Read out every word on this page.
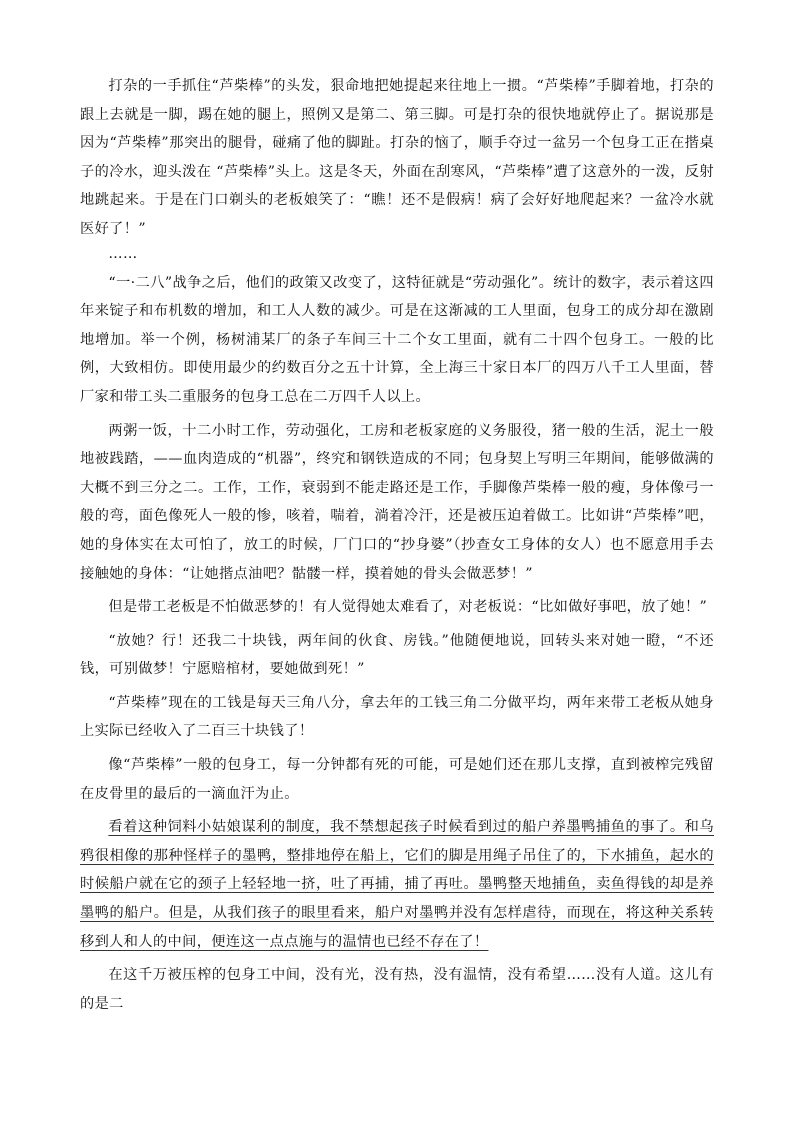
打杂的一手抓住“芦柴棒”的头发，狠命地把她提起来往地上一掼。“芦柴棒”手脚着地，打杂的跟上去就是一脚，踢在她的腿上，照例又是第二、第三脚。可是打杂的很快地就停止了。据说那是因为“芦柴棒”那突出的腿骨，碰痛了他的脚趾。打杂的恼了，顺手夺过一盆另一个包身工正在揩桌子的冷水，迎头泼在 “芦柴棒”头上。这是冬天，外面在刮寒风，“芦柴棒”遭了这意外的一泼，反射地跳起来。于是在门口剃头的老板娘笑了：“瞧！还不是假病！病了会好好地爬起来？一盆冷水就医好了！”

……

“一·二八”战争之后，他们的政策又改变了，这特征就是“劳动强化”。统计的数字，表示着这四年来锭子和布机数的增加，和工人人数的减少。可是在这渐减的工人里面，包身工的成分却在激剧地增加。举一个例，杨树浦某厂的条子车间三十二个女工里面，就有二十四个包身工。一般的比例，大致相仿。即使用最少的约数百分之五十计算，全上海三十家日本厂的四万八千工人里面，替厂家和带工头二重服务的包身工总在二万四千人以上。

两粥一饭，十二小时工作，劳动强化，工房和老板家庭的义务服役，猪一般的生活，泥土一般地被践踏，——血肉造成的“机器”，终究和钢铁造成的不同；包身契上写明三年期间，能够做满的大概不到三分之二。工作，工作，衰弱到不能走路还是工作，手脚像芦柴棒一般的瘦，身体像弓一般的弯，面色像死人一般的惨，咳着，喘着，淌着冷汗，还是被压迫着做工。比如讲“芦柴棒”吧，她的身体实在太可怕了，放工的时候，厂门口的“抄身婆”（抄查女工身体的女人）也不愿意用手去接触她的身体：“让她揩点油吧？骷髅一样，摸着她的骨头会做恶梦！”

但是带工老板是不怕做恶梦的！有人觉得她太难看了，对老板说：“比如做好事吧，放了她！”

“放她？行！还我二十块钱，两年间的伙食、房钱。”他随便地说，回转头来对她一瞪，“不还钱，可别做梦！宁愿赔棺材，要她做到死！”

“芦柴棒”现在的工钱是每天三角八分，拿去年的工钱三角二分做平均，两年来带工老板从她身上实际已经收入了二百三十块钱了！

像“芦柴棒”一般的包身工，每一分钟都有死的可能，可是她们还在那儿支撑，直到被榨完残留在皮骨里的最后的一滴血汗为止。

看着这种饲料小姑娘谋利的制度，我不禁想起孩子时候看到过的船户养墨鸭捕鱼的事了。和乌鸦很相像的那种怪样子的墨鸭，整排地停在船上，它们的脚是用绳子吊住了的，下水捕鱼，起水的时候船户就在它的颈子上轻轻地一挤，吐了再捕，捕了再吐。墨鸭整天地捕鱼，卖鱼得钱的却是养墨鸭的船户。但是，从我们孩子的眼里看来，船户对墨鸭并没有怎样虐待，而现在，将这种关系转移到人和人的中间，便连这一点点施与的温情也已经不存在了！

在这千万被压榨的包身工中间，没有光，没有热，没有温情，没有希望……没有人道。这儿有的是二
